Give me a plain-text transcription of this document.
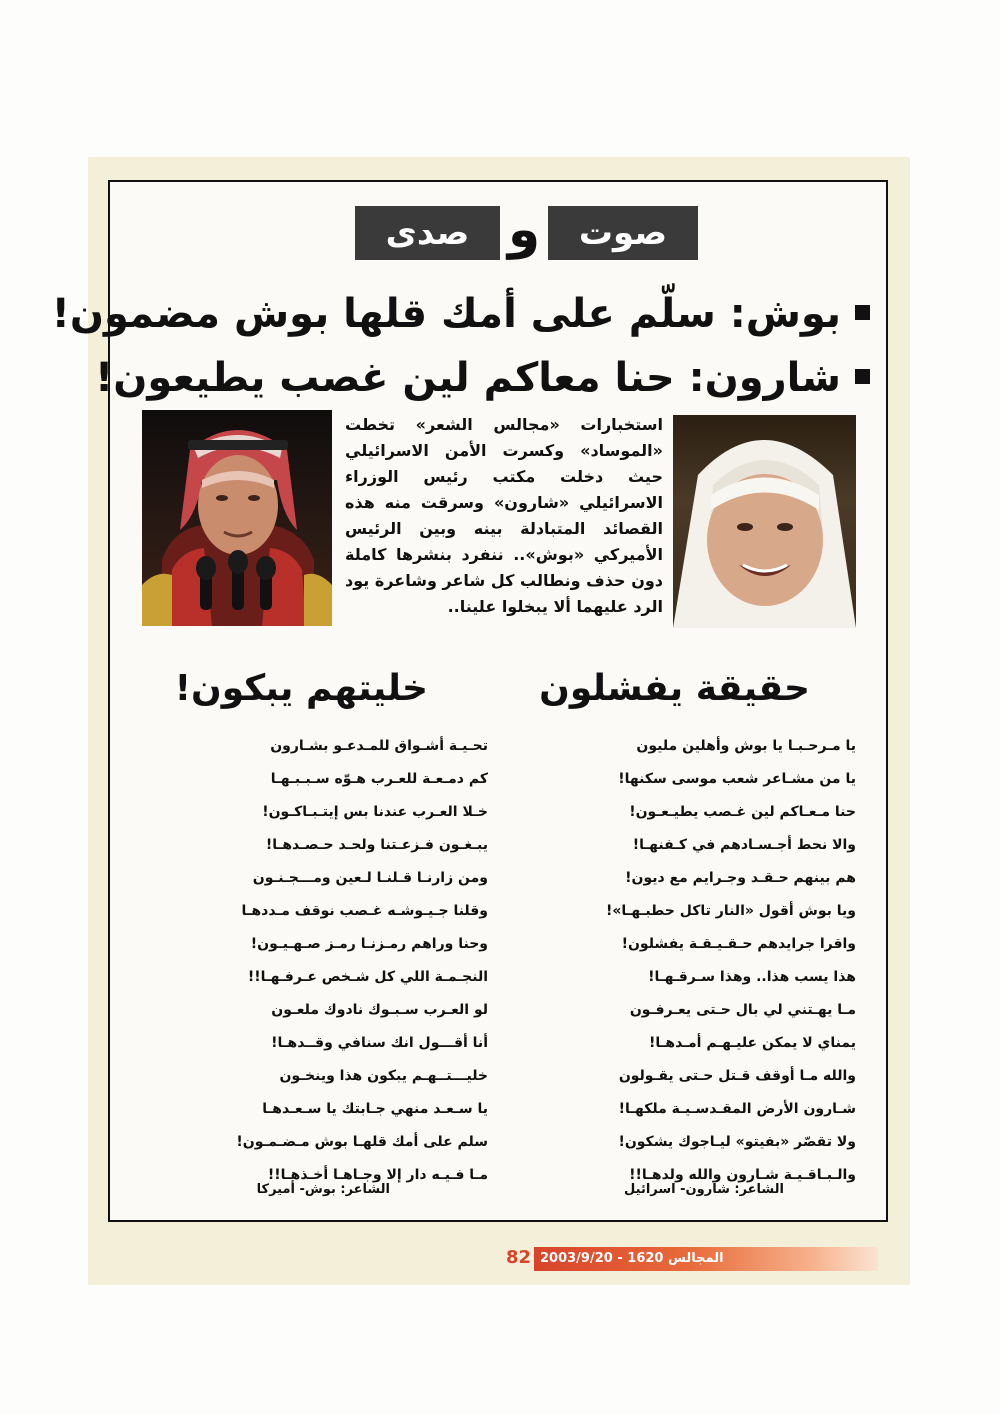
صوت
و
صدى
بوش: سلّم على أمك قلها بوش مضمون!
شارون: حنا معاكم لين غصب يطيعون!
استخبارات «مجالس الشعر» تخطت «الموساد» وكسرت الأمن الاسرائيلي حيث دخلت مكتب رئيس الوزراء الاسرائيلي «شارون» وسرقت منه هذه القصائد المتبادلة بينه وبين الرئيس الأميركي «بوش».. ننفرد بنشرها كاملة دون حذف ونطالب كل شاعر وشاعرة يود الرد عليهما ألا يبخلوا علينا..
حقيقة يفشلون
خليتهم يبكون!
يا مـرحـبـا يا بوش وأهلين مليون
يا من مشـاعر شعب موسى سكنها!
حنا مـعـاكم لين غـصب يطيـعـون!
والا نحط أجـسـادهم في كـفنهـا!
هم بينهم حـقـد وجـرايم مع ديون!
ويا بوش أقول «النار تاكل حطبـهـا»!
واقرا جرايدهم حـقـيـقـة يفشلون!
هذا يسب هذا.. وهذا سـرقـهـا!
مـا يهـتني لي بال حـتى يعـرفـون
يمناي لا يمكن عليـهـم أمـدهـا!
والله مـا أوقف قـتل حـتى يقـولون
شـارون الأرض المقـدسـيـة ملكهـا!
ولا تقصّر «بفيتو» ليـاجوك يشكون!
والـبـاقـيـة شـارون والله ولدهـا!!
تحـيـة أشـواق للمـدعـو بشـارون
كم دمـعـة للعـرب هـوّه سـبـبـهـا
خـلا العـرب عندنا بس إيتـبـاكـون!
يبـغـون فـزعـتنا ولحـد حـصـدهـا!
ومن زارنـا قـلنـا لـعين ومـــجـنـون
وقلنا جـيـوشـه غـصب نوقف مـددهـا
وحنا وراهم رمـزنـا رمـز صـهـيـون!
النجـمـة اللي كل شـخص عـرفـهـا!!
لو العـرب سـبـوك نادوك ملعـون
أنا أقـــول انك سنافي وقــدهـا!
خليـــتــهـم يبكون هذا وينخـون
يا سـعـد منهي جـابتك يا سـعـدهـا
سلم على أمك قلهـا بوش مـضـمـون!
مـا فـيـه دار إلا وجـاهـا أخـذهـا!!
الشاعر: شارون- اسرائيل
الشاعر: بوش- أميركا
المجالس 1620 - 2003/9/20
82
